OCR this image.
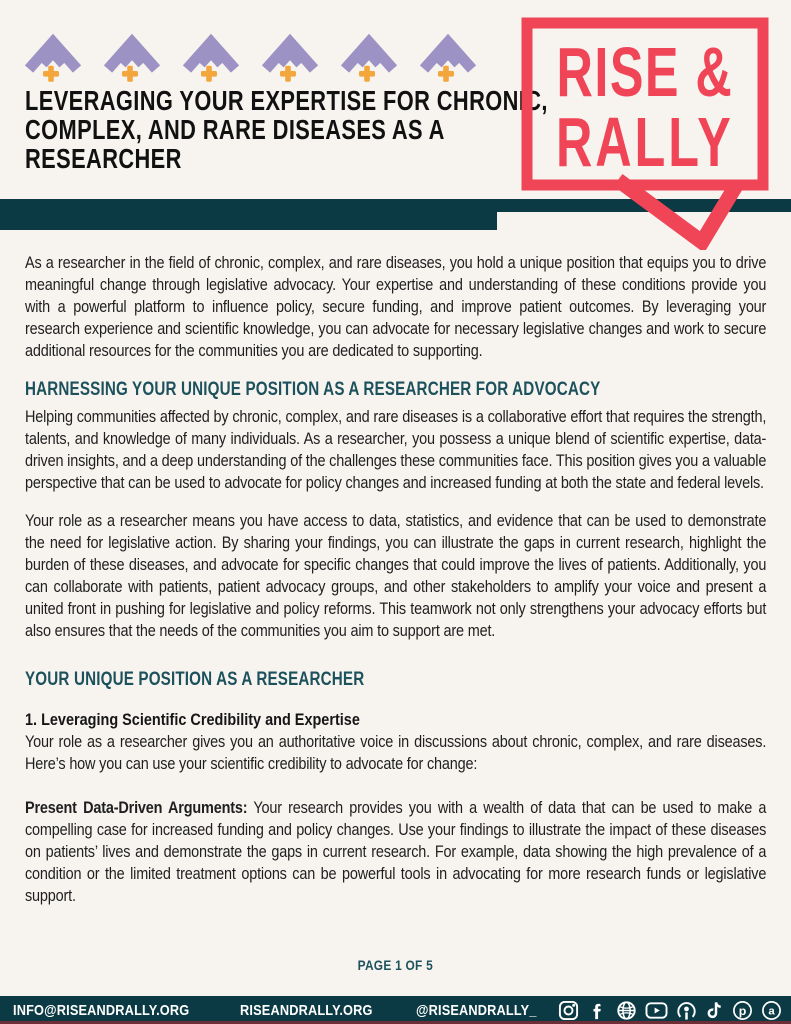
LEVERAGING YOUR EXPERTISE FOR CHRONIC,
COMPLEX, AND RARE DISEASES AS A
RESEARCHER
RISE &
RALLY

As a researcher in the field of chronic, complex, and rare diseases, you hold a unique position that equips you to drive meaningful change through legislative advocacy. Your expertise and understanding of these conditions provide you with a powerful platform to influence policy, secure funding, and improve patient outcomes. By leveraging your research experience and scientific knowledge, you can advocate for necessary legislative changes and work to secure additional resources for the communities you are dedicated to supporting.

HARNESSING YOUR UNIQUE POSITION AS A RESEARCHER FOR ADVOCACY

Helping communities affected by chronic, complex, and rare diseases is a collaborative effort that requires the strength, talents, and knowledge of many individuals. As a researcher, you possess a unique blend of scientific expertise, data-driven insights, and a deep understanding of the challenges these communities face. This position gives you a valuable perspective that can be used to advocate for policy changes and increased funding at both the state and federal levels.

Your role as a researcher means you have access to data, statistics, and evidence that can be used to demonstrate the need for legislative action. By sharing your findings, you can illustrate the gaps in current research, highlight the burden of these diseases, and advocate for specific changes that could improve the lives of patients. Additionally, you can collaborate with patients, patient advocacy groups, and other stakeholders to amplify your voice and present a united front in pushing for legislative and policy reforms. This teamwork not only strengthens your advocacy efforts but also ensures that the needs of the communities you aim to support are met.

YOUR UNIQUE POSITION AS A RESEARCHER
1. Leveraging Scientific Credibility and Expertise

Your role as a researcher gives you an authoritative voice in discussions about chronic, complex, and rare diseases. Here’s how you can use your scientific credibility to advocate for change:

Present Data-Driven Arguments: Your research provides you with a wealth of data that can be used to make a compelling case for increased funding and policy changes. Use your findings to illustrate the impact of these diseases on patients’ lives and demonstrate the gaps in current research. For example, data showing the high prevalence of a condition or the limited treatment options can be powerful tools in advocating for more research funds or legislative support.

PAGE 1 OF 5
INFO@RISEANDRALLY.ORG	RISEANDRALLY.ORG	@RISEANDRALLY_	p a
